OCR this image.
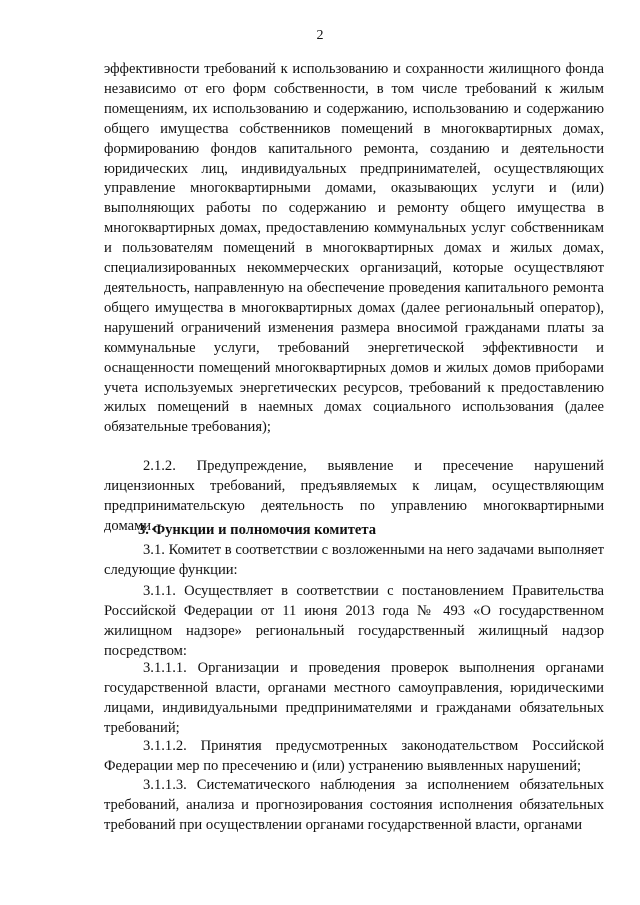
2

эффективности требований к использованию и сохранности жилищного фонда независимо от его форм собственности, в том числе требований к жилым помещениям, их использованию и содержанию, использованию и содержанию общего имущества собственников помещений в многоквартирных домах, формированию фондов капитального ремонта, созданию и деятельности юридических лиц, индивидуальных предпринимателей, осуществляющих управление многоквартирными домами, оказывающих услуги и (или) выполняющих работы по содержанию и ремонту общего имущества в многоквартирных домах, предоставлению коммунальных услуг собственникам и пользователям помещений в многоквартирных домах и жилых домах, специализированных некоммерческих организаций, которые осуществляют деятельность, направленную на обеспечение проведения капитального ремонта общего имущества в многоквартирных домах (далее региональный оператор), нарушений ограничений изменения размера вносимой гражданами платы за коммунальные услуги, требований энергетической эффективности и оснащенности помещений многоквартирных домов и жилых домов приборами учета используемых энергетических ресурсов, требований к предоставлению жилых помещений в наемных домах социального использования (далее обязательные требования);

2.1.2. Предупреждение, выявление и пресечение нарушений лицензионных требований, предъявляемых к лицам, осуществляющим предпринимательскую деятельность по управлению многоквартирными домами.

3. Функции и полномочия комитета

3.1. Комитет в соответствии с возложенными на него задачами выполняет следующие функции:

3.1.1. Осуществляет в соответствии с постановлением Правительства Российской Федерации от 11 июня 2013 года № 493 «О государственном жилищном надзоре» региональный государственный жилищный надзор посредством:

3.1.1.1. Организации и проведения проверок выполнения органами государственной власти, органами местного самоуправления, юридическими лицами, индивидуальными предпринимателями и гражданами обязательных требований;

3.1.1.2. Принятия предусмотренных законодательством Российской Федерации мер по пресечению и (или) устранению выявленных нарушений;

3.1.1.3. Систематического наблюдения за исполнением обязательных требований, анализа и прогнозирования состояния исполнения обязательных требований при осуществлении органами государственной власти, органами
